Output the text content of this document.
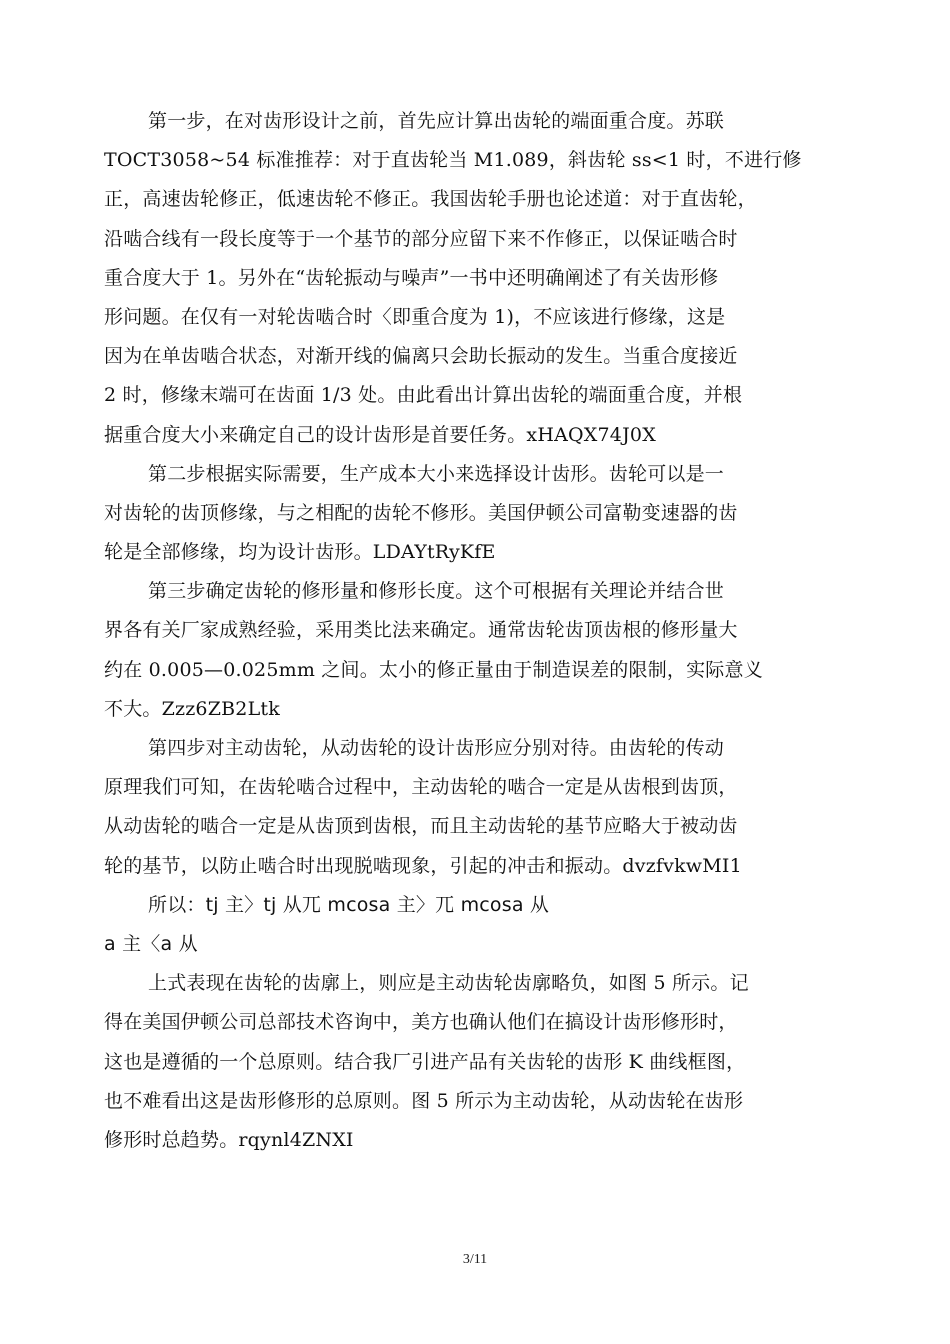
第一步，在对齿形设计之前，首先应计算出齿轮的端面重合度。苏联
TOCT3058~54 标准推荐：对于直齿轮当 M1.089，斜齿轮 ss<1 时，不进行修
正，高速齿轮修正，低速齿轮不修正。我国齿轮手册也论述道：对于直齿轮，
沿啮合线有一段长度等于一个基节的部分应留下来不作修正，以保证啮合时
重合度大于 1。另外在“齿轮振动与噪声”一书中还明确阐述了有关齿形修
形问题。在仅有一对轮齿啮合时〈即重合度为 1)，不应该进行修缘，这是
因为在单齿啮合状态，对渐开线的偏离只会助长振动的发生。当重合度接近
2 时，修缘末端可在齿面 1/3 处。由此看出计算出齿轮的端面重合度，并根
据重合度大小来确定自己的设计齿形是首要任务。xHAQX74J0X
第二步根据实际需要，生产成本大小来选择设计齿形。齿轮可以是一
对齿轮的齿顶修缘，与之相配的齿轮不修形。美国伊顿公司富勒变速器的齿
轮是全部修缘，均为设计齿形。LDAYtRyKfE
第三步确定齿轮的修形量和修形长度。这个可根据有关理论并结合世
界各有关厂家成熟经验，采用类比法来确定。通常齿轮齿顶齿根的修形量大
约在 0.005—0.025mm 之间。太小的修正量由于制造误差的限制，实际意义
不大。Zzz6ZB2Ltk
第四步对主动齿轮，从动齿轮的设计齿形应分别对待。由齿轮的传动
原理我们可知，在齿轮啮合过程中，主动齿轮的啮合一定是从齿根到齿顶，
从动齿轮的啮合一定是从齿顶到齿根，而且主动齿轮的基节应略大于被动齿
轮的基节，以防止啮合时出现脱啮现象，引起的冲击和振动。dvzfvkwMI1
所以：tj 主〉tj 从兀 mcosa 主〉兀 mcosa 从
a 主〈a 从
上式表现在齿轮的齿廓上，则应是主动齿轮齿廓略负，如图 5 所示。记
得在美国伊顿公司总部技术咨询中，美方也确认他们在搞设计齿形修形时，
这也是遵循的一个总原则。结合我厂引进产品有关齿轮的齿形 K 曲线框图，
也不难看出这是齿形修形的总原则。图 5 所示为主动齿轮，从动齿轮在齿形
修形时总趋势。rqynl4ZNXI
3/11
